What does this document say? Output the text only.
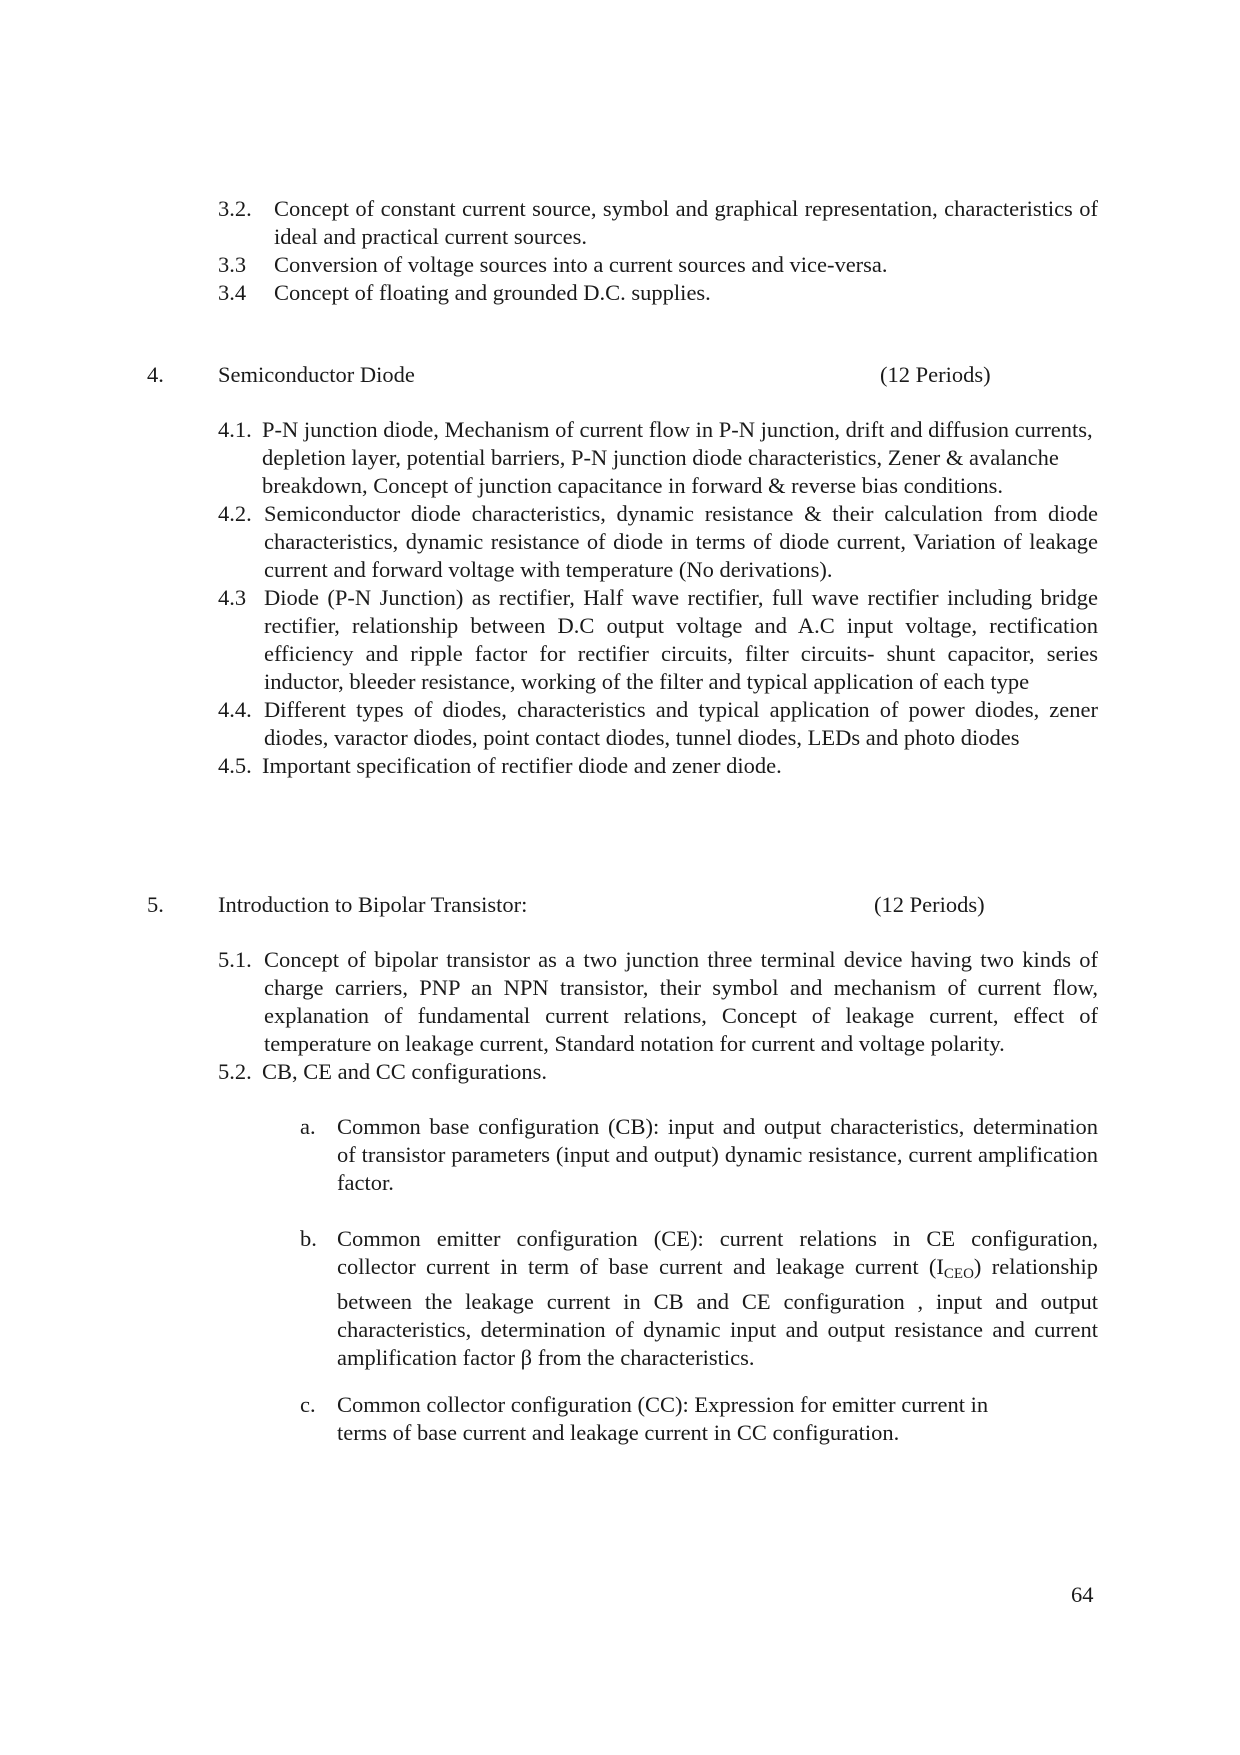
3.2. Concept of constant current source, symbol and graphical representation, characteristics of ideal and practical current sources.
3.3	Conversion of voltage sources into a current sources and vice-versa.
3.4	Concept of floating and grounded D.C. supplies.
4. Semiconductor Diode	(12 Periods)
4.1. P-N junction diode, Mechanism of current flow in P-N junction, drift and diffusion currents, depletion layer, potential barriers, P-N junction diode characteristics, Zener & avalanche breakdown, Concept of junction capacitance in forward & reverse bias conditions.
4.2. Semiconductor diode characteristics, dynamic resistance & their calculation from diode characteristics, dynamic resistance of diode in terms of diode current, Variation of leakage current and forward voltage with temperature (No derivations).
4.3 Diode (P-N Junction) as rectifier, Half wave rectifier, full wave rectifier including bridge rectifier, relationship between D.C output voltage and A.C input voltage, rectification efficiency and ripple factor for rectifier circuits, filter circuits- shunt capacitor, series inductor, bleeder resistance, working of the filter and typical application of each type
4.4. Different types of diodes, characteristics and typical application of power diodes, zener diodes, varactor diodes, point contact diodes, tunnel diodes, LEDs and photo diodes
4.5. Important specification of rectifier diode and zener diode.
5. Introduction to Bipolar Transistor:	(12 Periods)
5.1. Concept of bipolar transistor as a two junction three terminal device having two kinds of charge carriers, PNP an NPN transistor, their symbol and mechanism of current flow, explanation of fundamental current relations, Concept of leakage current, effect of temperature on leakage current, Standard notation for current and voltage polarity.
5.2. CB, CE and CC configurations.
a. Common base configuration (CB): input and output characteristics, determination of transistor parameters (input and output) dynamic resistance, current amplification factor.
b. Common emitter configuration (CE): current relations in CE configuration, collector current in term of base current and leakage current $(I_{CEO})$ relationship between the leakage current in CB and CE configuration , input and output characteristics, determination of dynamic input and output resistance and current amplification factor β from the characteristics.
c. Common collector configuration (CC): Expression for emitter current in terms of base current and leakage current in CC configuration.
64
